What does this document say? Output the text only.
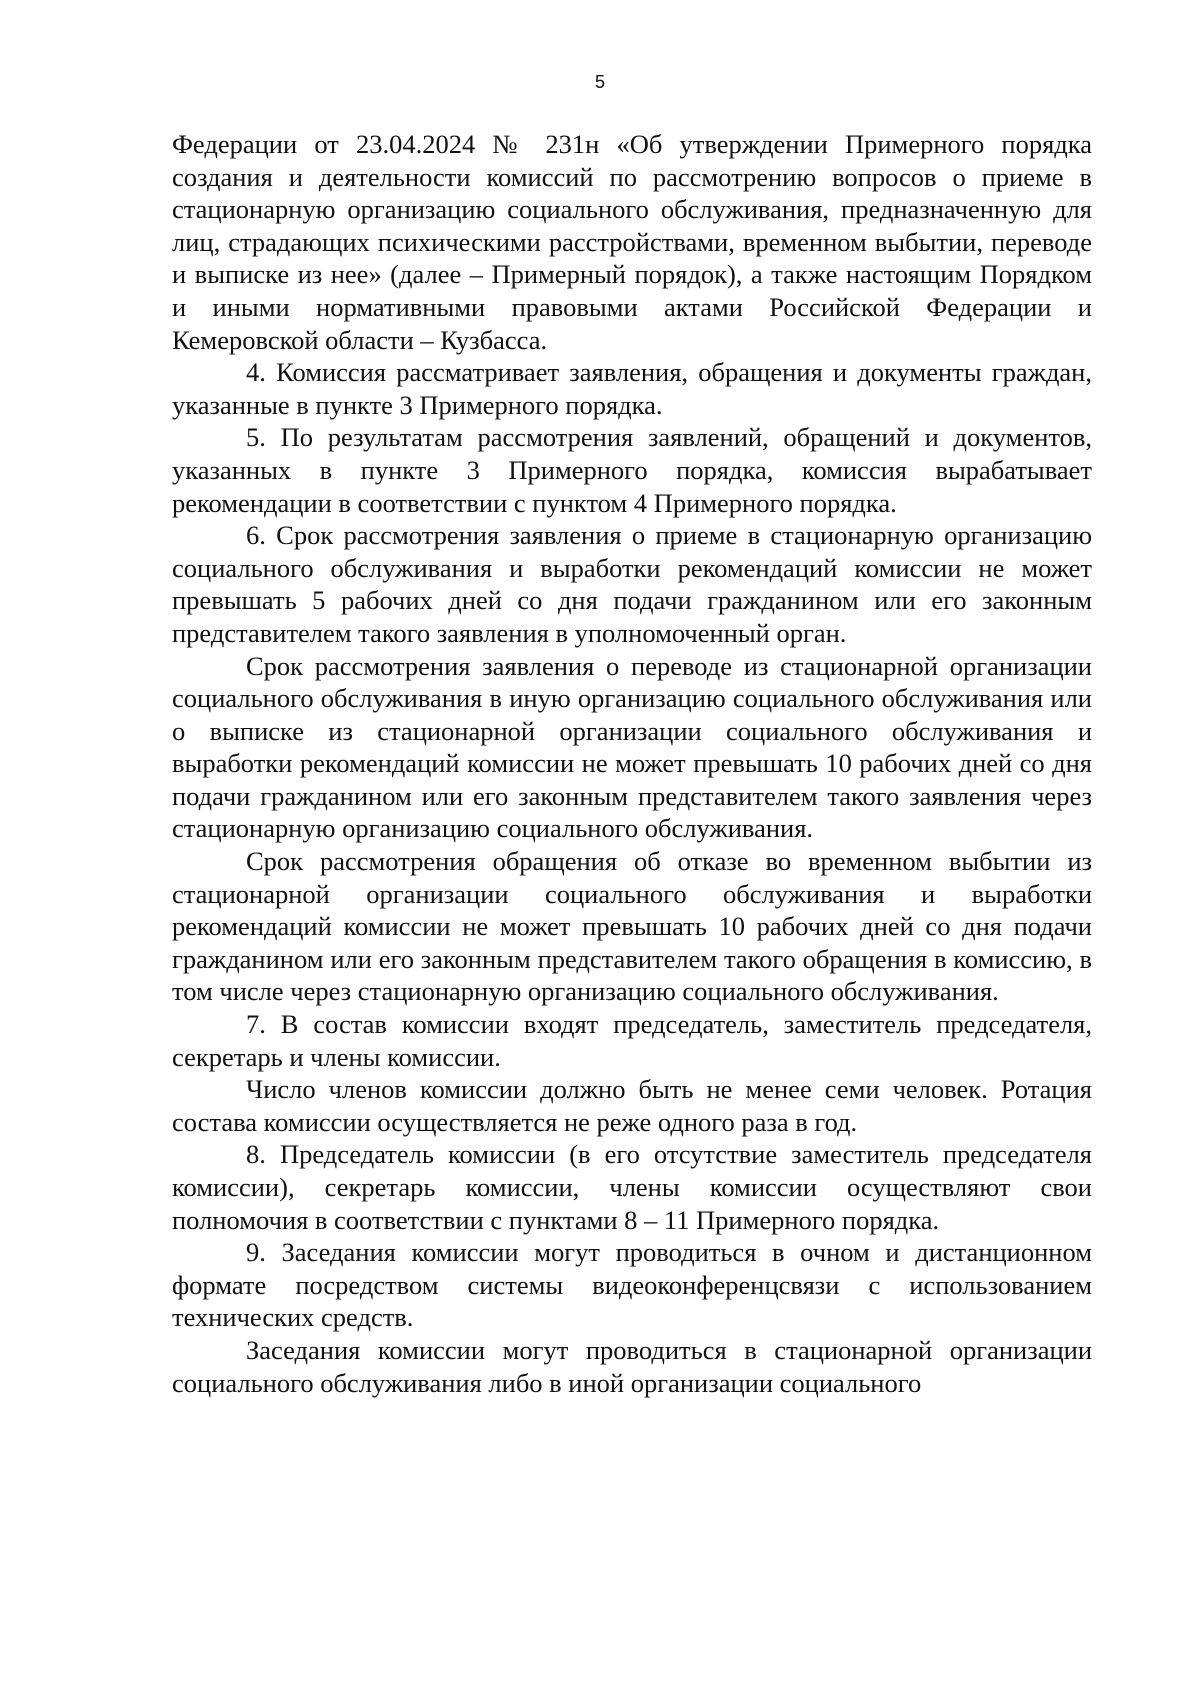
5

Федерации от 23.04.2024 № 231н «Об утверждении Примерного порядка создания и деятельности комиссий по рассмотрению вопросов о приеме в стационарную организацию социального обслуживания, предназначенную для лиц, страдающих психическими расстройствами, временном выбытии, переводе и выписке из нее» (далее – Примерный порядок), а также настоящим Порядком и иными нормативными правовыми актами Российской Федерации и Кемеровской области – Кузбасса.

4. Комиссия рассматривает заявления, обращения и документы граждан, указанные в пункте 3 Примерного порядка.

5. По результатам рассмотрения заявлений, обращений и документов, указанных в пункте 3 Примерного порядка, комиссия вырабатывает рекомендации в соответствии с пунктом 4 Примерного порядка.

6. Срок рассмотрения заявления о приеме в стационарную организацию социального обслуживания и выработки рекомендаций комиссии не может превышать 5 рабочих дней со дня подачи гражданином или его законным представителем такого заявления в уполномоченный орган.

Срок рассмотрения заявления о переводе из стационарной организации социального обслуживания в иную организацию социального обслуживания или о выписке из стационарной организации социального обслуживания и выработки рекомендаций комиссии не может превышать 10 рабочих дней со дня подачи гражданином или его законным представителем такого заявления через стационарную организацию социального обслуживания.

Срок рассмотрения обращения об отказе во временном выбытии из стационарной организации социального обслуживания и выработки рекомендаций комиссии не может превышать 10 рабочих дней со дня подачи гражданином или его законным представителем такого обращения в комиссию, в том числе через стационарную организацию социального обслуживания.

7. В состав комиссии входят председатель, заместитель председателя, секретарь и члены комиссии.

Число членов комиссии должно быть не менее семи человек. Ротация состава комиссии осуществляется не реже одного раза в год.

8. Председатель комиссии (в его отсутствие заместитель председателя комиссии), секретарь комиссии, члены комиссии осуществляют свои полномочия в соответствии с пунктами 8 – 11 Примерного порядка.

9. Заседания комиссии могут проводиться в очном и дистанционном формате посредством системы видеоконференцсвязи с использованием технических средств.

Заседания комиссии могут проводиться в стационарной организации социального обслуживания либо в иной организации социального
